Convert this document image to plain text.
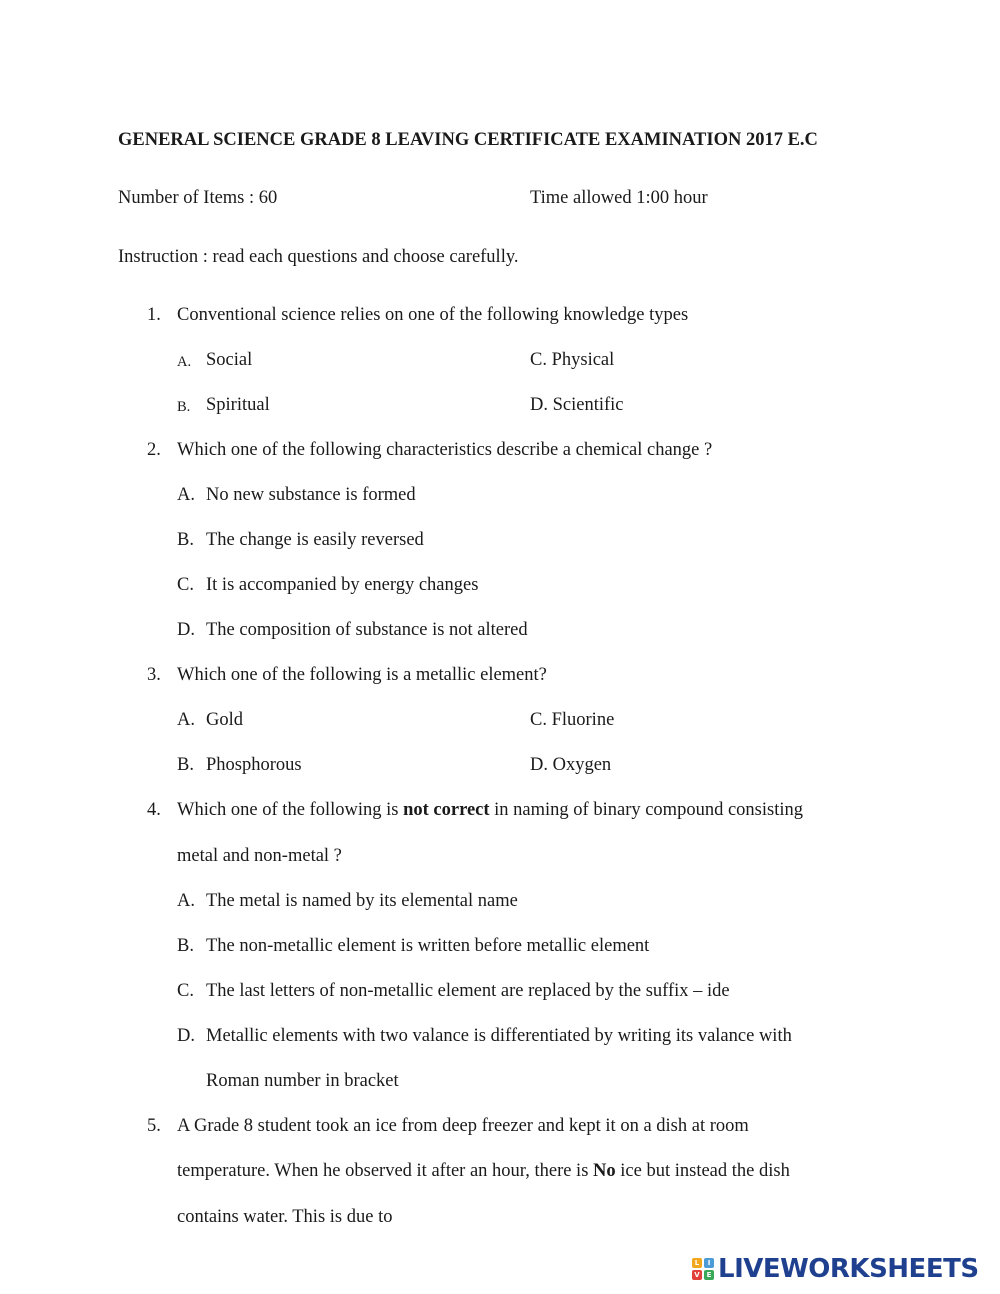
GENERAL SCIENCE GRADE 8 LEAVING CERTIFICATE EXAMINATION 2017 E.C
Number of Items : 60	Time allowed 1:00 hour
Instruction : read each questions and choose carefully.
1. Conventional science relies on one of the following knowledge types
A. Social	C. Physical
B. Spiritual	D. Scientific
2. Which one of the following characteristics describe a chemical change ?
A. No new substance is formed
B. The change is easily reversed
C. It is accompanied by energy changes
D. The composition of substance is not altered
3. Which one of the following is a metallic element?
A. Gold	C. Fluorine
B. Phosphorous	D. Oxygen
4. Which one of the following is not correct in naming of binary compound consisting
metal and non-metal ?
A. The metal is named by its elemental name
B. The non-metallic element is written before metallic element
C. The last letters of non-metallic element are replaced by the suffix – ide
D. Metallic elements with two valance is differentiated by writing its valance with
Roman number in bracket
5. A Grade 8 student took an ice from deep freezer and kept it on a dish at room
temperature. When he observed it after an hour, there is No ice but instead the dish
contains water. This is due to
L	I
V E LIVEWORKSHEETS
